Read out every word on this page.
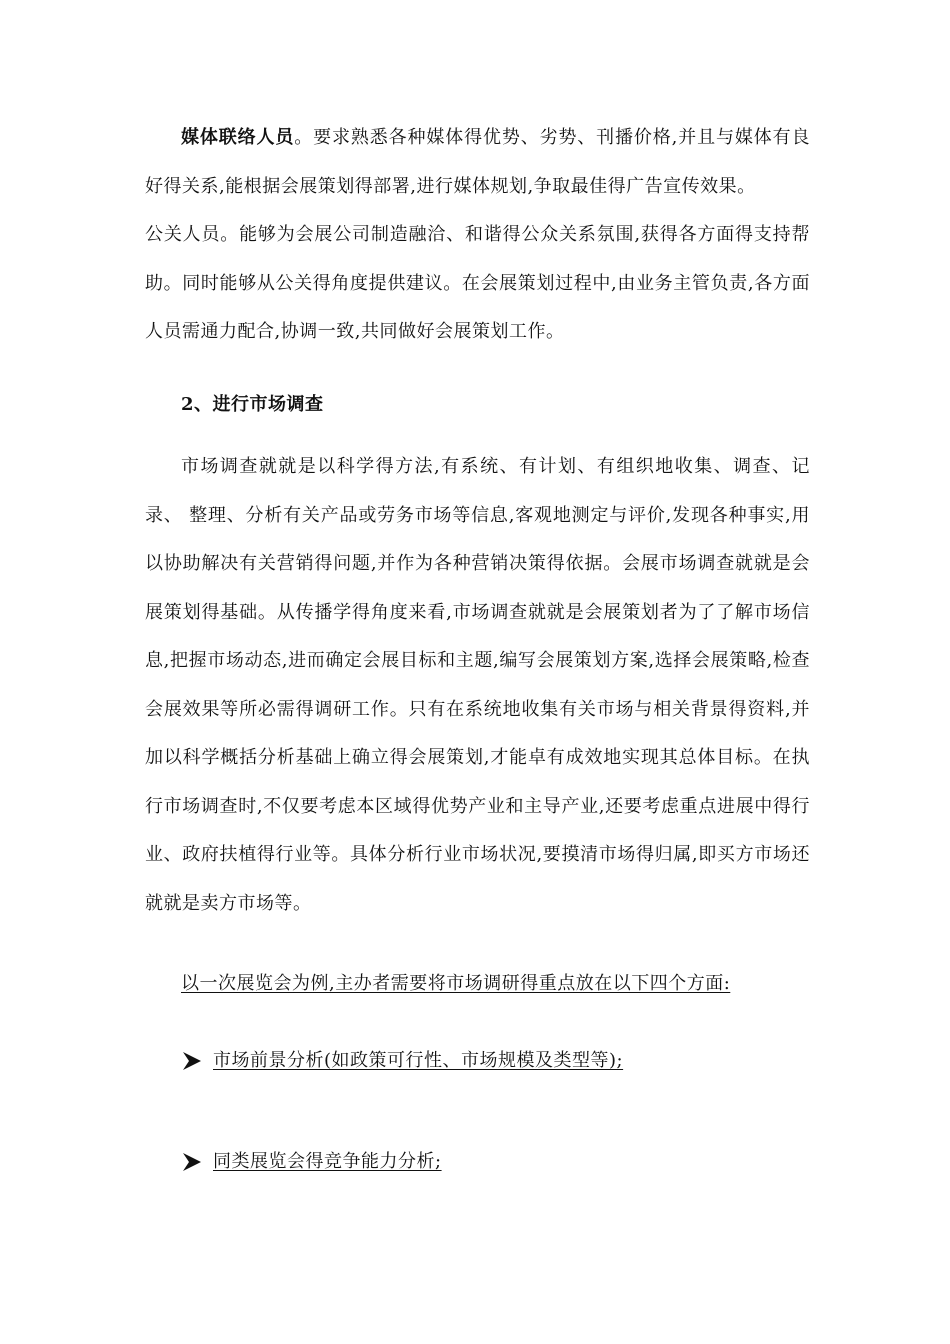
媒体联络人员。要求熟悉各种媒体得优势、劣势、刊播价格,并且与媒体有良好得关系,能根据会展策划得部署,进行媒体规划,争取最佳得广告宣传效果。

公关人员。能够为会展公司制造融洽、和谐得公众关系氛围,获得各方面得支持帮助。同时能够从公关得角度提供建议。在会展策划过程中,由业务主管负责,各方面人员需通力配合,协调一致,共同做好会展策划工作。

2、进行市场调查

市场调查就就是以科学得方法,有系统、有计划、有组织地收集、调查、记录、 整理、分析有关产品或劳务市场等信息,客观地测定与评价,发现各种事实,用以协助解决有关营销得问题,并作为各种营销决策得依据。会展市场调查就就是会展策划得基础。从传播学得角度来看,市场调查就就是会展策划者为了了解市场信息,把握市场动态,进而确定会展目标和主题,编写会展策划方案,选择会展策略,检查会展效果等所必需得调研工作。只有在系统地收集有关市场与相关背景得资料,并加以科学概括分析基础上确立得会展策划,才能卓有成效地实现其总体目标。在执行市场调查时,不仅要考虑本区域得优势产业和主导产业,还要考虑重点进展中得行业、政府扶植得行业等。具体分析行业市场状况,要摸清市场得归属,即买方市场还就就是卖方市场等。

以一次展览会为例,主办者需要将市场调研得重点放在以下四个方面:

市场前景分析(如政策可行性、市场规模及类型等);
同类展览会得竞争能力分析;
